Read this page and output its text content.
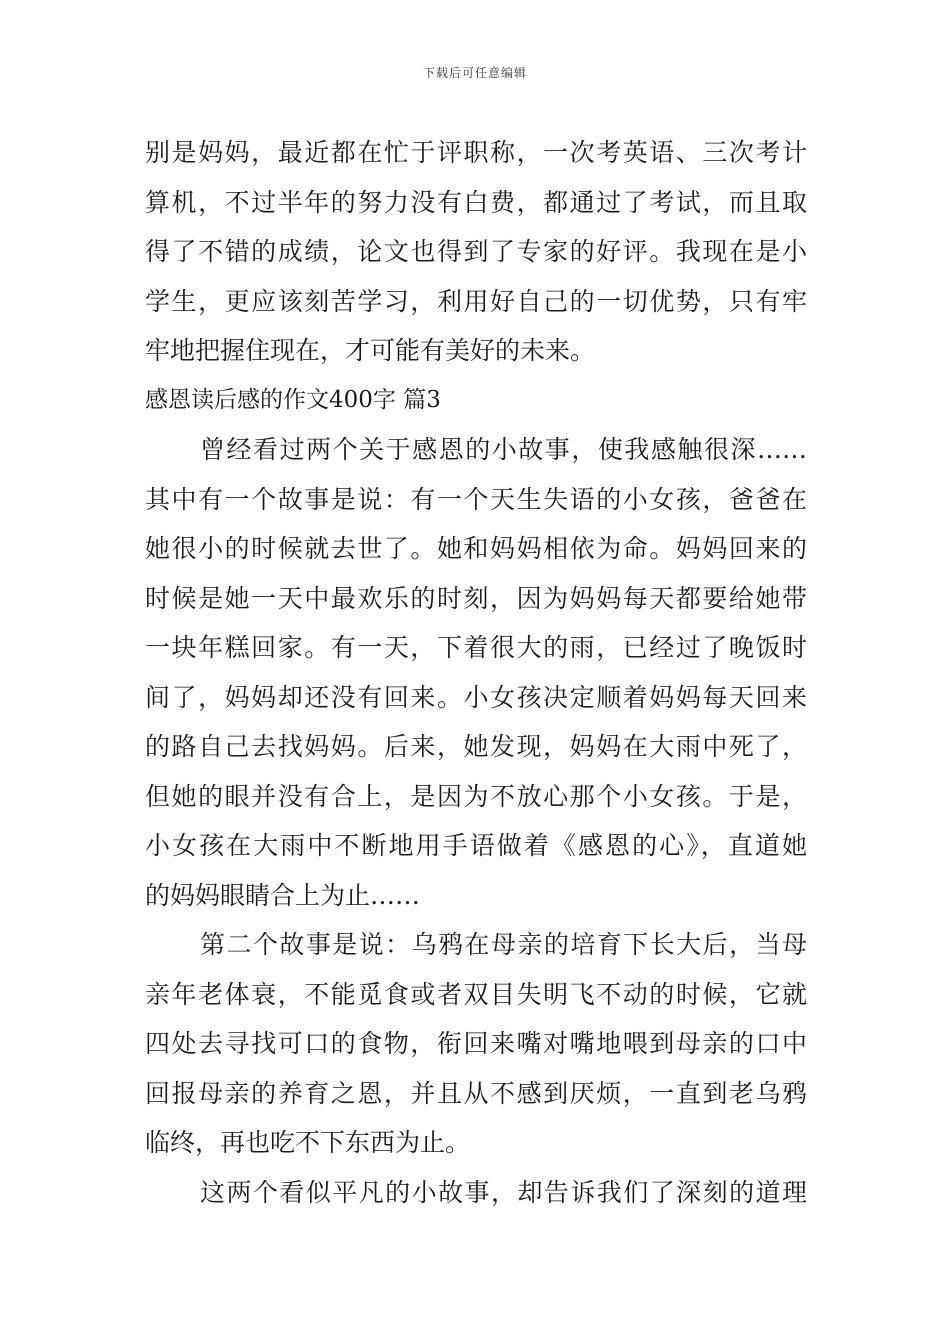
下载后可任意编辑
别是妈妈，最近都在忙于评职称，一次考英语、三次考计
算机，不过半年的努力没有白费，都通过了考试，而且取
得了不错的成绩，论文也得到了专家的好评。我现在是小
学生，更应该刻苦学习，利用好自己的一切优势，只有牢
牢地把握住现在，才可能有美好的未来。
感恩读后感的作文400字 篇3
曾经看过两个关于感恩的小故事，使我感触很深……
其中有一个故事是说：有一个天生失语的小女孩，爸爸在
她很小的时候就去世了。她和妈妈相依为命。妈妈回来的
时候是她一天中最欢乐的时刻，因为妈妈每天都要给她带
一块年糕回家。有一天，下着很大的雨，已经过了晚饭时
间了，妈妈却还没有回来。小女孩决定顺着妈妈每天回来
的路自己去找妈妈。后来，她发现，妈妈在大雨中死了，
但她的眼并没有合上，是因为不放心那个小女孩。于是，
小女孩在大雨中不断地用手语做着《感恩的心》，直道她
的妈妈眼睛合上为止……
第二个故事是说：乌鸦在母亲的培育下长大后，当母
亲年老体衰，不能觅食或者双目失明飞不动的时候，它就
四处去寻找可口的食物，衔回来嘴对嘴地喂到母亲的口中
回报母亲的养育之恩，并且从不感到厌烦，一直到老乌鸦
临终，再也吃不下东西为止。
这两个看似平凡的小故事，却告诉我们了深刻的道理
